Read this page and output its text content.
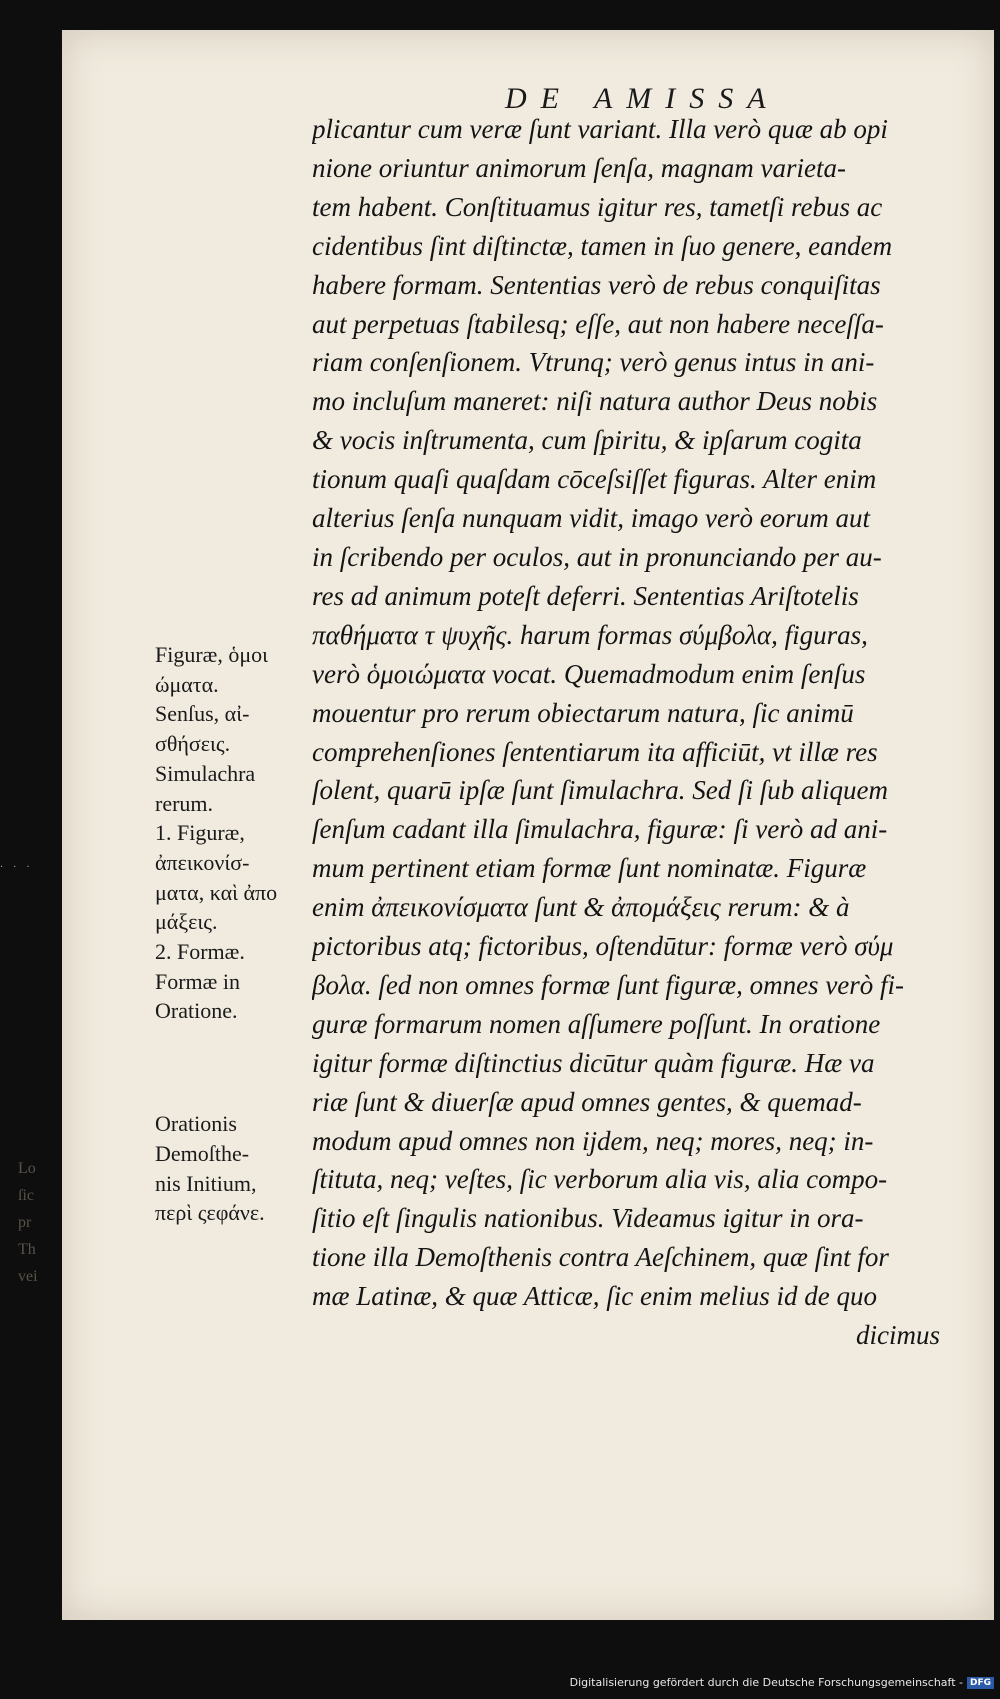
···
DE AMISSA
plicantur cum veræ ſunt variant. Illa verò quæ ab opi
nione oriuntur animorum ſenſa, magnam varieta-
tem habent. Conſtituamus igitur res, tametſi rebus ac
cidentibus ſint diſtinctæ, tamen in ſuo genere, eandem
habere formam. Sententias verò de rebus conquiſitas
aut perpetuas ſtabilesq; eſſe, aut non habere neceſſa-
riam conſenſionem. Vtrunq; verò genus intus in ani-
mo incluſum maneret: niſi natura author Deus nobis
& vocis inſtrumenta, cum ſpiritu, & ipſarum cogita
tionum quaſi quaſdam cōceſsiſſet figuras. Alter enim
alterius ſenſa nunquam vidit, imago verò eorum aut
in ſcribendo per oculos, aut in pronunciando per au-
res ad animum poteſt deferri. Sententias Ariſtotelis
παθήματα τ ψυχῆς. harum formas σύμβολα, figuras,
verò ὁμοιώματα vocat. Quemadmodum enim ſenſus
mouentur pro rerum obiectarum natura, ſic animū
comprehenſiones ſententiarum ita afficiūt, vt illæ res
ſolent, quarū ipſæ ſunt ſimulachra. Sed ſi ſub aliquem
ſenſum cadant illa ſimulachra, figuræ: ſi verò ad ani-
mum pertinent etiam formæ ſunt nominatæ. Figuræ
enim ἀπεικονίσματα ſunt & ἀπομάξεις rerum: & à
pictoribus atq; fictoribus, oſtendūtur: formæ verò σύμ
βολα. ſed non omnes formæ ſunt figuræ, omnes verò fi-
guræ formarum nomen aſſumere poſſunt. In oratione
igitur formæ diſtinctius dicūtur quàm figuræ. Hæ va
riæ ſunt & diuerſæ apud omnes gentes, & quemad-
modum apud omnes non ijdem, neq; mores, neq; in-
ſtituta, neq; veſtes, ſic verborum alia vis, alia compo-
ſitio eſt ſingulis nationibus. Videamus igitur in ora-
tione illa Demoſthenis contra Aeſchinem, quæ ſint for
mæ Latinæ, & quæ Atticæ, ſic enim melius id de quo
dicimus
Figuræ, ὁμοι
ώματα.
Senſus, αἰ-
σθήσεις.
Simulachra
rerum.
1. Figuræ,
ἀπεικονίσ-
ματα, καὶ ἀπο
μάξεις.
2. Formæ.
Formæ in
Oratione.
Orationis
Demoſthe-
nis Initium,
περὶ ςεφάνε.
Lo
ſic
pr
Th
vei
Digitalisierung gefördert durch die Deutsche Forschungsgemeinschaft - DFG
